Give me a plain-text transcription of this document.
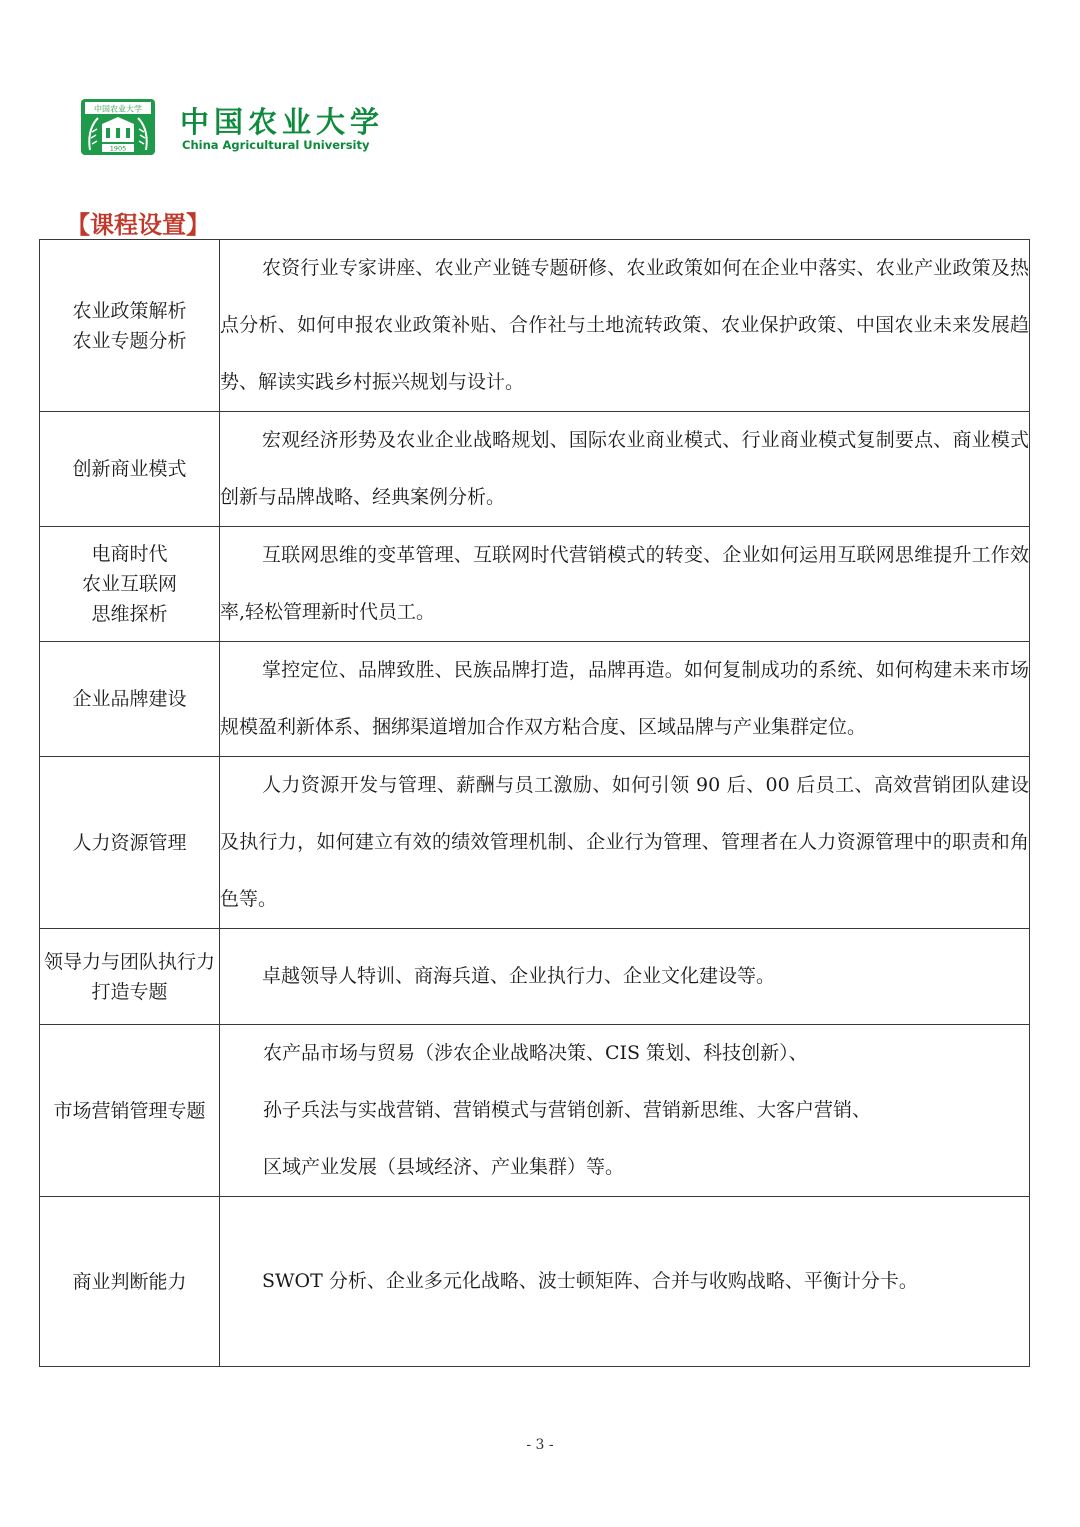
中国农业大学
1905
中国农业大学
China Agricultural University
【课程设置】
农业政策解析
农业专题分析	农资行业专家讲座、农业产业链专题研修、农业政策如何在企业中落实、农业产业政策及热点分析、如何申报农业政策补贴、合作社与土地流转政策、农业保护政策、中国农业未来发展趋势、解读实践乡村振兴规划与设计。
创新商业模式	宏观经济形势及农业企业战略规划、国际农业商业模式、行业商业模式复制要点、商业模式创新与品牌战略、经典案例分析。
电商时代
农业互联网
思维探析	互联网思维的变革管理、互联网时代营销模式的转变、企业如何运用互联网思维提升工作效率,轻松管理新时代员工。
企业品牌建设	掌控定位、品牌致胜、民族品牌打造，品牌再造。如何复制成功的系统、如何构建未来市场规模盈利新体系、捆绑渠道增加合作双方粘合度、区域品牌与产业集群定位。
人力资源管理	人力资源开发与管理、薪酬与员工激励、如何引领 90 后、00 后员工、高效营销团队建设及执行力，如何建立有效的绩效管理机制、企业行为管理、管理者在人力资源管理中的职责和角色等。
领导力与团队执行力打造专题	卓越领导人特训、商海兵道、企业执行力、企业文化建设等。
市场营销管理专题	农产品市场与贸易（涉农企业战略决策、CIS 策划、科技创新）、
孙子兵法与实战营销、营销模式与营销创新、营销新思维、大客户营销、
区域产业发展（县域经济、产业集群）等。

商业判断能力	SWOT 分析、企业多元化战略、波士顿矩阵、合并与收购战略、平衡计分卡。
- 3 -
